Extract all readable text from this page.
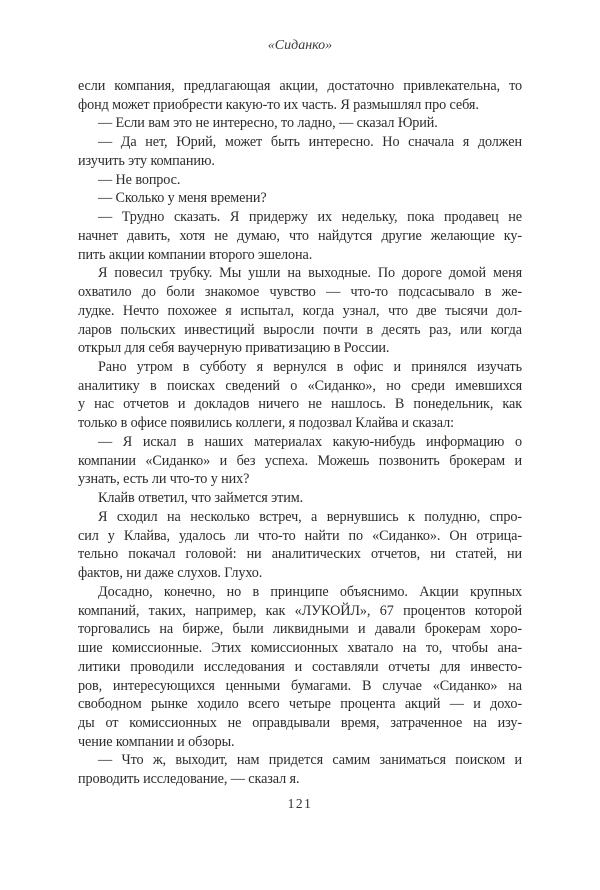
«Сиданко»
если компания, предлагающая акции, достаточно привлекательна, то
фонд может приобрести какую-то их часть. Я размышлял про себя.
— Если вам это не интересно, то ладно, — сказал Юрий.
— Да нет, Юрий, может быть интересно. Но сначала я должен
изучить эту компанию.
— Не вопрос.
— Сколько у меня времени?
— Трудно сказать. Я придержу их недельку, пока продавец не
начнет давить, хотя не думаю, что найдутся другие желающие ку-
пить акции компании второго эшелона.
Я повесил трубку. Мы ушли на выходные. По дороге домой меня
охватило до боли знакомое чувство — что-то подсасывало в же-
лудке. Нечто похожее я испытал, когда узнал, что две тысячи дол-
ларов польских инвестиций выросли почти в десять раз, или когда
открыл для себя ваучерную приватизацию в России.
Рано утром в субботу я вернулся в офис и принялся изучать
аналитику в поисках сведений о «Сиданко», но среди имевшихся
у нас отчетов и докладов ничего не нашлось. В понедельник, как
только в офисе появились коллеги, я подозвал Клайва и сказал:
— Я искал в наших материалах какую-нибудь информацию о
компании «Сиданко» и без успеха. Можешь позвонить брокерам и
узнать, есть ли что-то у них?
Клайв ответил, что займется этим.
Я сходил на несколько встреч, а вернувшись к полудню, спро-
сил у Клайва, удалось ли что-то найти по «Сиданко». Он отрица-
тельно покачал головой: ни аналитических отчетов, ни статей, ни
фактов, ни даже слухов. Глухо.
Досадно, конечно, но в принципе объяснимо. Акции крупных
компаний, таких, например, как «ЛУКОЙЛ», 67 процентов которой
торговались на бирже, были ликвидными и давали брокерам хоро-
шие комиссионные. Этих комиссионных хватало на то, чтобы ана-
литики проводили исследования и составляли отчеты для инвесто-
ров, интересующихся ценными бумагами. В случае «Сиданко» на
свободном рынке ходило всего четыре процента акций — и дохо-
ды от комиссионных не оправдывали время, затраченное на изу-
чение компании и обзоры.
— Что ж, выходит, нам придется самим заниматься поиском и
проводить исследование, — сказал я.
121
